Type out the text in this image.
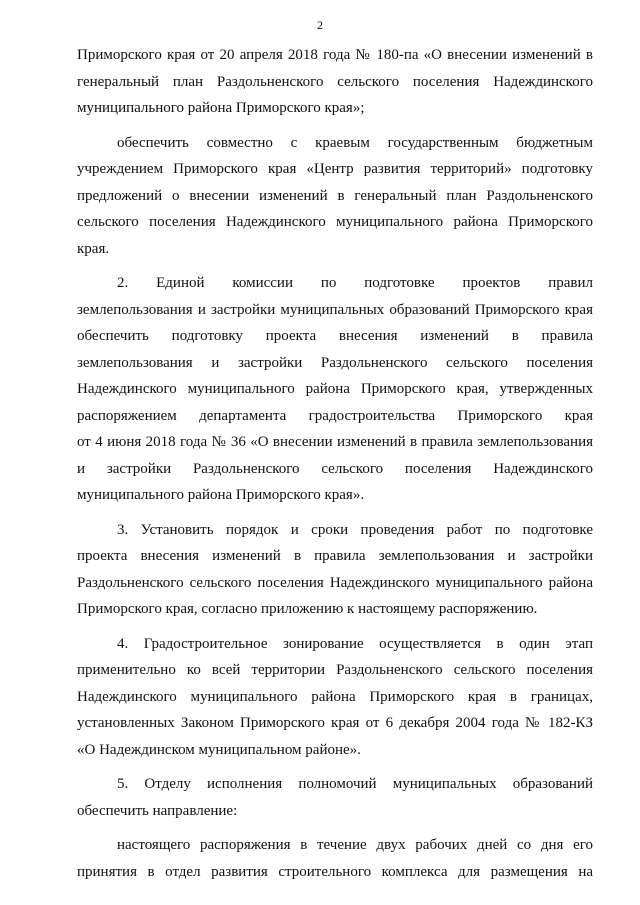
2
Приморского края от 20 апреля 2018 года № 180-па «О внесении изменений в
генеральный план Раздольненского сельского поселения Надеждинского
муниципального района Приморского края»;
обеспечить совместно с краевым государственным бюджетным
учреждением Приморского края «Центр развития территорий» подготовку
предложений о внесении изменений в генеральный план Раздольненского
сельского поселения Надеждинского муниципального района Приморского
края.
2. Единой комиссии по подготовке проектов правил
землепользования и застройки муниципальных образований Приморского края
обеспечить подготовку проекта внесения изменений в правила
землепользования и застройки Раздольненского сельского поселения
Надеждинского муниципального района Приморского края, утвержденных
распоряжением департамента градостроительства Приморского края
от 4 июня 2018 года № 36 «О внесении изменений в правила землепользования
и застройки Раздольненского сельского поселения Надеждинского
муниципального района Приморского края».
3. Установить порядок и сроки проведения работ по подготовке
проекта внесения изменений в правила землепользования и застройки
Раздольненского сельского поселения Надеждинского муниципального района
Приморского края, согласно приложению к настоящему распоряжению.
4. Градостроительное зонирование осуществляется в один этап
применительно ко всей территории Раздольненского сельского поселения
Надеждинского муниципального района Приморского края в границах,
установленных Законом Приморского края от 6 декабря 2004 года № 182-КЗ
«О Надеждинском муниципальном районе».
5. Отделу исполнения полномочий муниципальных образований
обеспечить направление:
настоящего распоряжения в течение двух рабочих дней со дня его
принятия в отдел развития строительного комплекса для размещения на
